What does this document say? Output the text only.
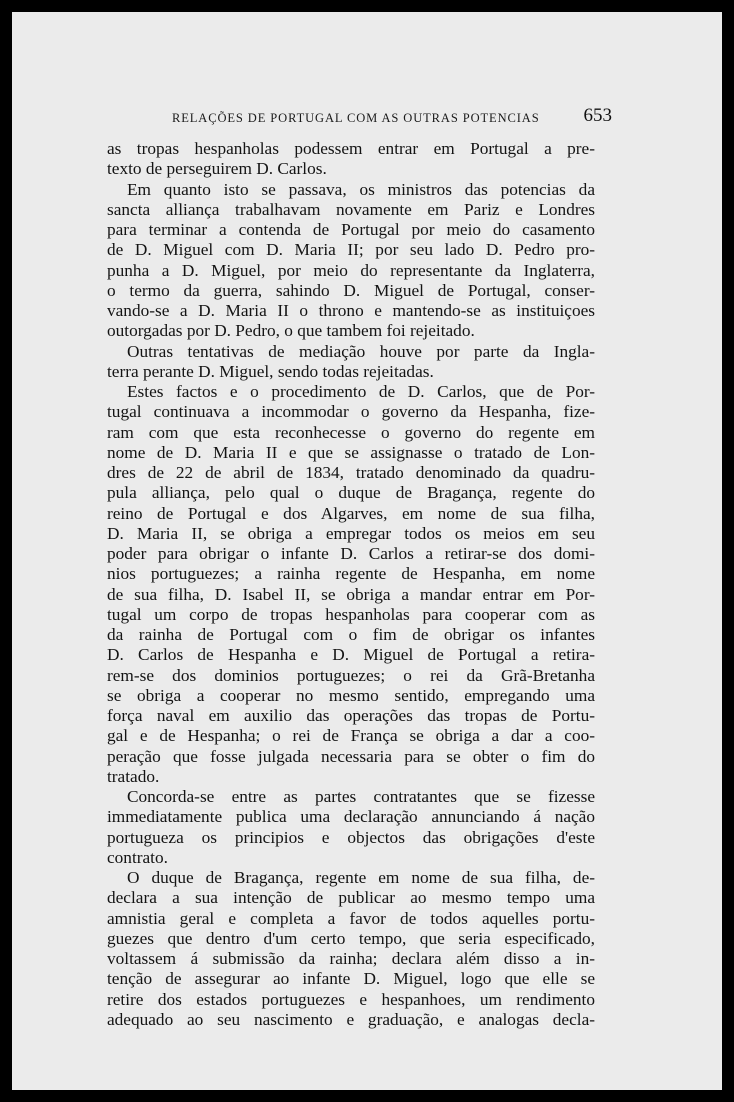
RELAÇÕES DE PORTUGAL COM AS OUTRAS POTENCIAS 653
as tropas hespanholas podessem entrar em Portugal a pre-
texto de perseguirem D. Carlos.
Em quanto isto se passava, os ministros das potencias da
sancta alliança trabalhavam novamente em Pariz e Londres
para terminar a contenda de Portugal por meio do casamento
de D. Miguel com D. Maria II; por seu lado D. Pedro pro-
punha a D. Miguel, por meio do representante da Inglaterra,
o termo da guerra, sahindo D. Miguel de Portugal, conser-
vando-se a D. Maria II o throno e mantendo-se as instituiçoes
outorgadas por D. Pedro, o que tambem foi rejeitado.
Outras tentativas de mediação houve por parte da Ingla-
terra perante D. Miguel, sendo todas rejeitadas.
Estes factos e o procedimento de D. Carlos, que de Por-
tugal continuava a incommodar o governo da Hespanha, fize-
ram com que esta reconhecesse o governo do regente em
nome de D. Maria II e que se assignasse o tratado de Lon-
dres de 22 de abril de 1834, tratado denominado da quadru-
pula alliança, pelo qual o duque de Bragança, regente do
reino de Portugal e dos Algarves, em nome de sua filha,
D. Maria II, se obriga a empregar todos os meios em seu
poder para obrigar o infante D. Carlos a retirar-se dos domi-
nios portuguezes; a rainha regente de Hespanha, em nome
de sua filha, D. Isabel II, se obriga a mandar entrar em Por-
tugal um corpo de tropas hespanholas para cooperar com as
da rainha de Portugal com o fim de obrigar os infantes
D. Carlos de Hespanha e D. Miguel de Portugal a retira-
rem-se dos dominios portuguezes; o rei da Grã-Bretanha
se obriga a cooperar no mesmo sentido, empregando uma
força naval em auxilio das operações das tropas de Portu-
gal e de Hespanha; o rei de França se obriga a dar a coo-
peração que fosse julgada necessaria para se obter o fim do
tratado.
Concorda-se entre as partes contratantes que se fizesse
immediatamente publica uma declaração annunciando á nação
portugueza os principios e objectos das obrigações d'este
contrato.
O duque de Bragança, regente em nome de sua filha, de-
declara a sua intenção de publicar ao mesmo tempo uma
amnistia geral e completa a favor de todos aquelles portu-
guezes que dentro d'um certo tempo, que seria especificado,
voltassem á submissão da rainha; declara além disso a in-
tenção de assegurar ao infante D. Miguel, logo que elle se
retire dos estados portuguezes e hespanhoes, um rendimento
adequado ao seu nascimento e graduação, e analogas decla-
